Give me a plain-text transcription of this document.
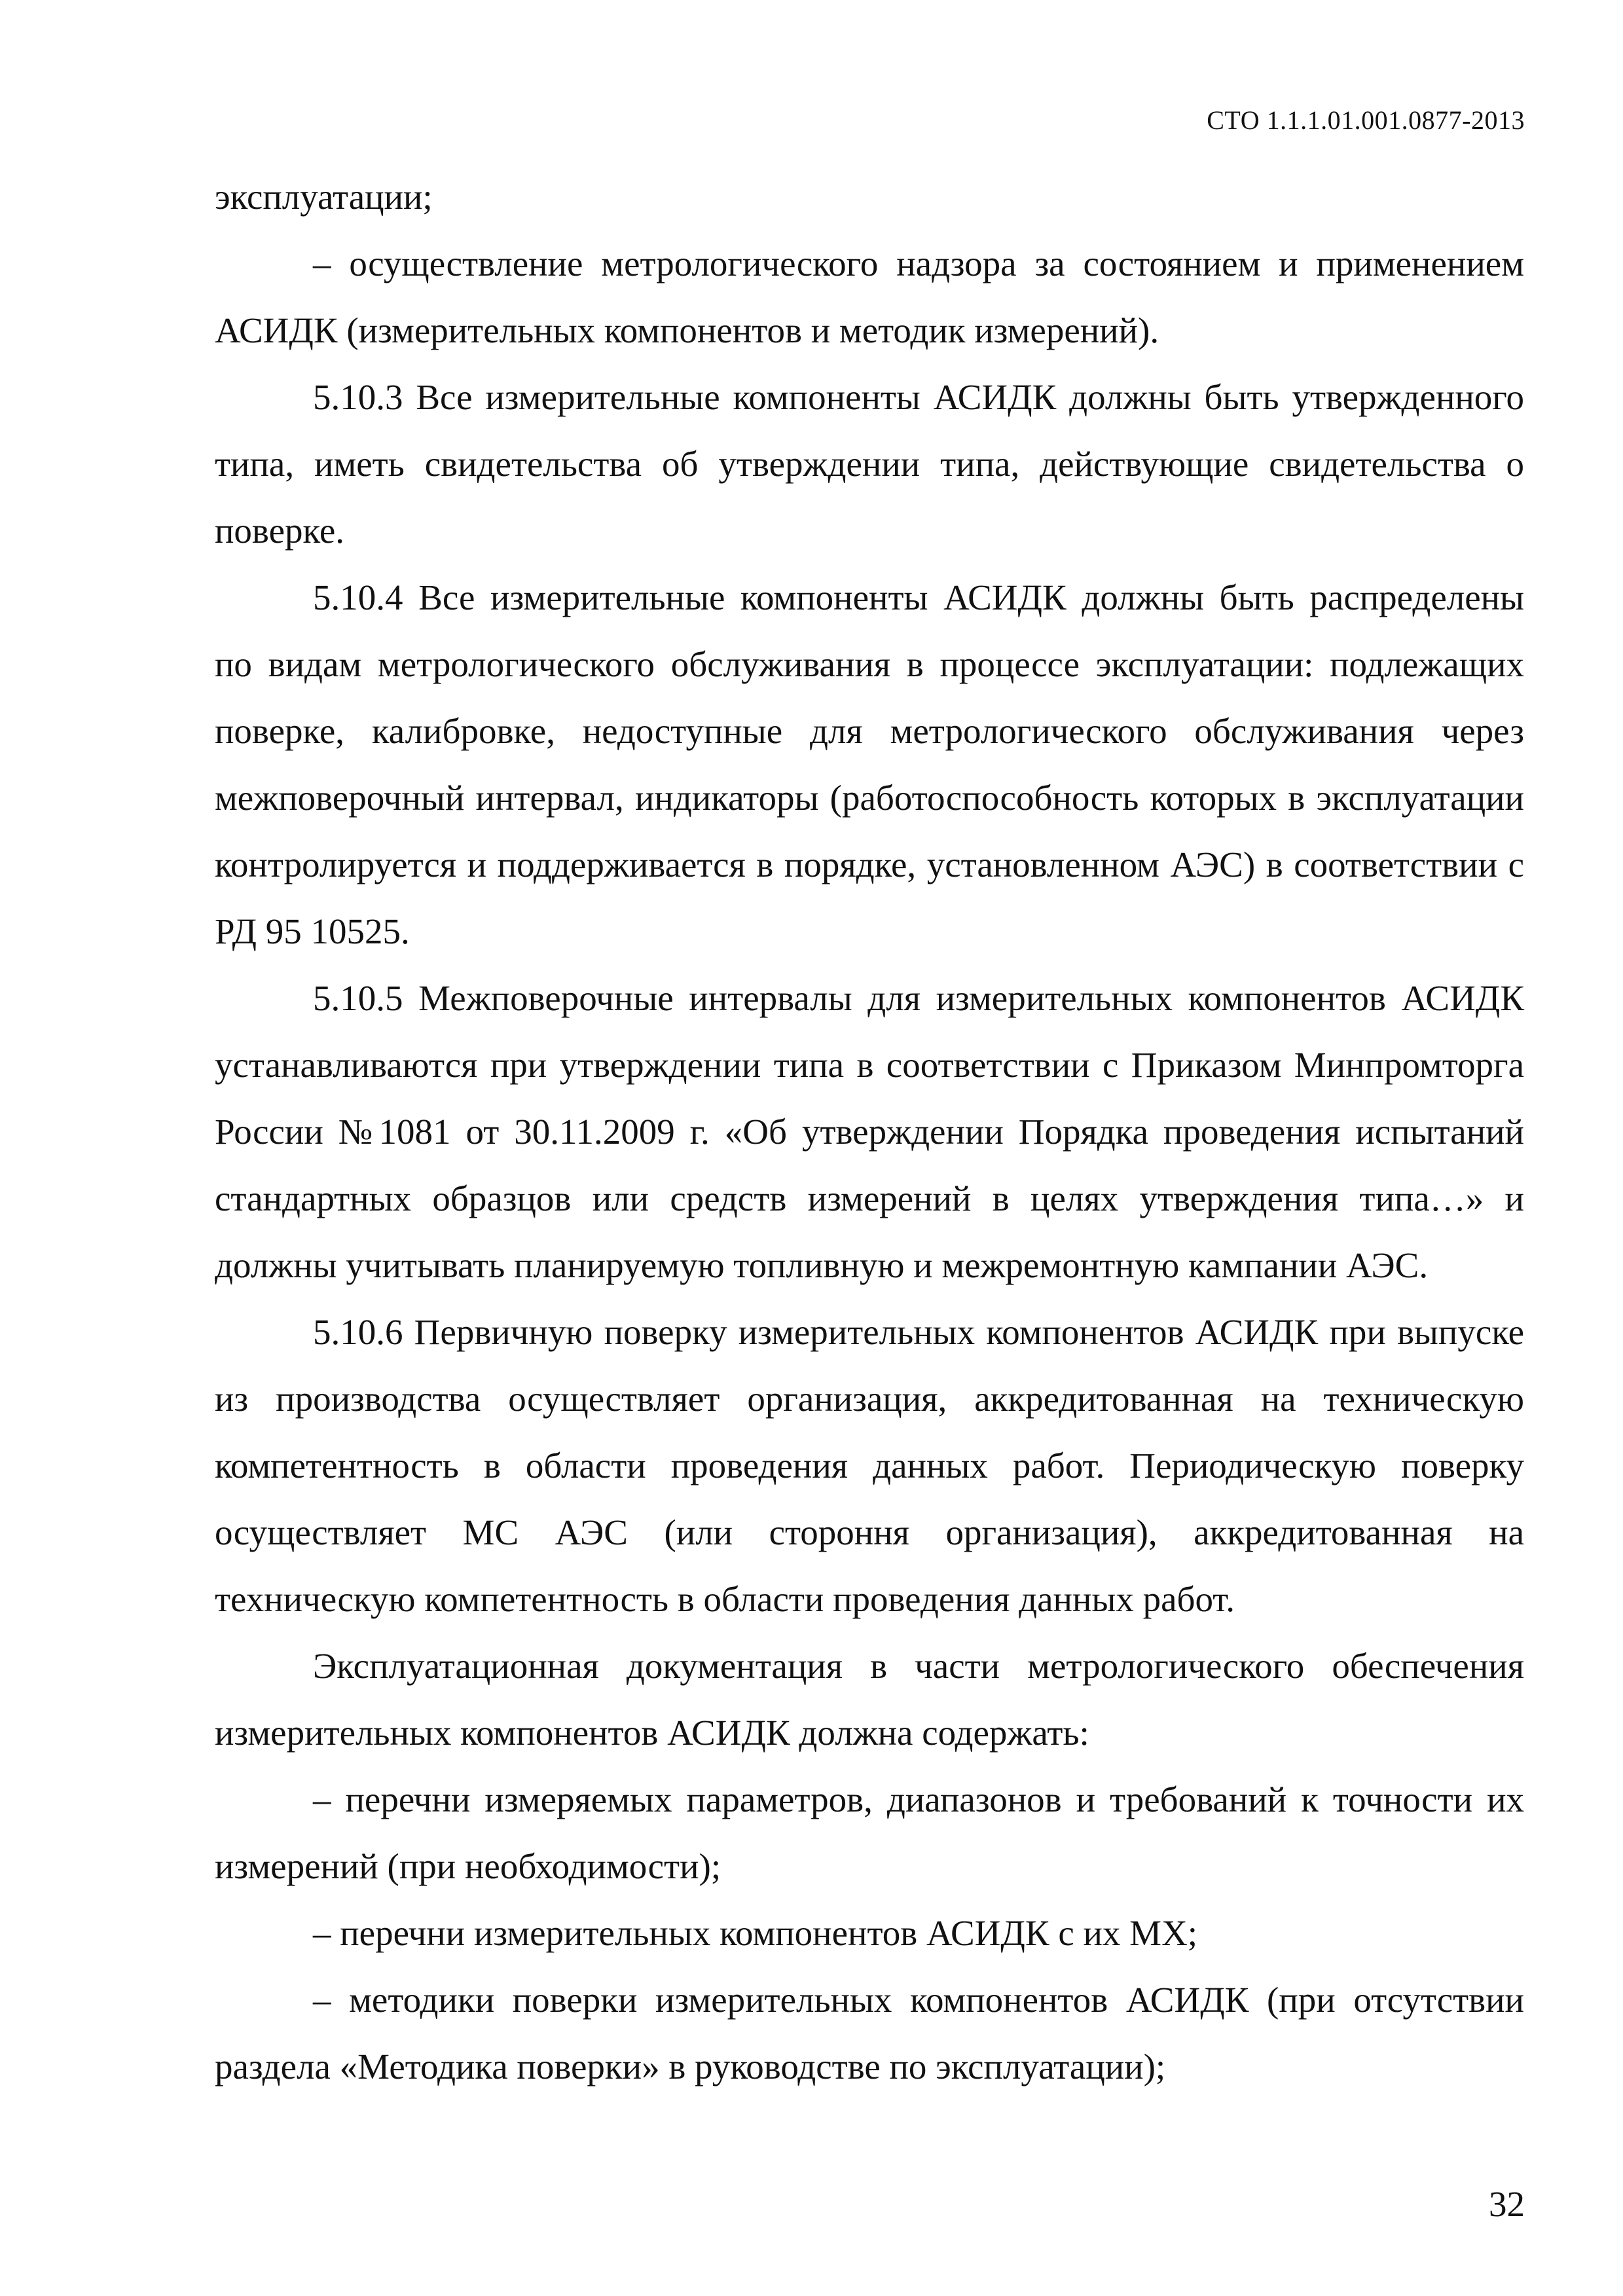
СТО 1.1.1.01.001.0877-2013

эксплуатации;

– осуществление метрологического надзора за состоянием и применением АСИДК (измерительных компонентов и методик измерений).

5.10.3 Все измерительные компоненты АСИДК должны быть утвержденного типа, иметь свидетельства об утверждении типа, действующие свидетельства о поверке.

5.10.4 Все измерительные компоненты АСИДК должны быть распределены по видам метрологического обслуживания в процессе эксплуатации: подлежащих поверке, калибровке, недоступные для метрологического обслуживания через межповерочный интервал, индикаторы (работоспособность которых в эксплуатации контролируется и поддерживается в порядке, установленном АЭС) в соответствии с РД 95 10525.

5.10.5 Межповерочные интервалы для измерительных компонентов АСИДК устанавливаются при утверждении типа в соответствии с Приказом Минпромторга России №1081 от 30.11.2009 г. «Об утверждении Порядка проведения испытаний стандартных образцов или средств измерений в целях утверждения типа…» и должны учитывать планируемую топливную и межремонтную кампании АЭС.

5.10.6 Первичную поверку измерительных компонентов АСИДК при выпуске из производства осуществляет организация, аккредитованная на техническую компетентность в области проведения данных работ. Периодическую поверку осуществляет МС АЭС (или стороння организация), аккредитованная на техническую компетентность в области проведения данных работ.

Эксплуатационная документация в части метрологического обеспечения измерительных компонентов АСИДК должна содержать:

– перечни измеряемых параметров, диапазонов и требований к точности их измерений (при необходимости);

– перечни измерительных компонентов АСИДК с их МХ;

– методики поверки измерительных компонентов АСИДК (при отсутствии раздела «Методика поверки» в руководстве по эксплуатации);

32
